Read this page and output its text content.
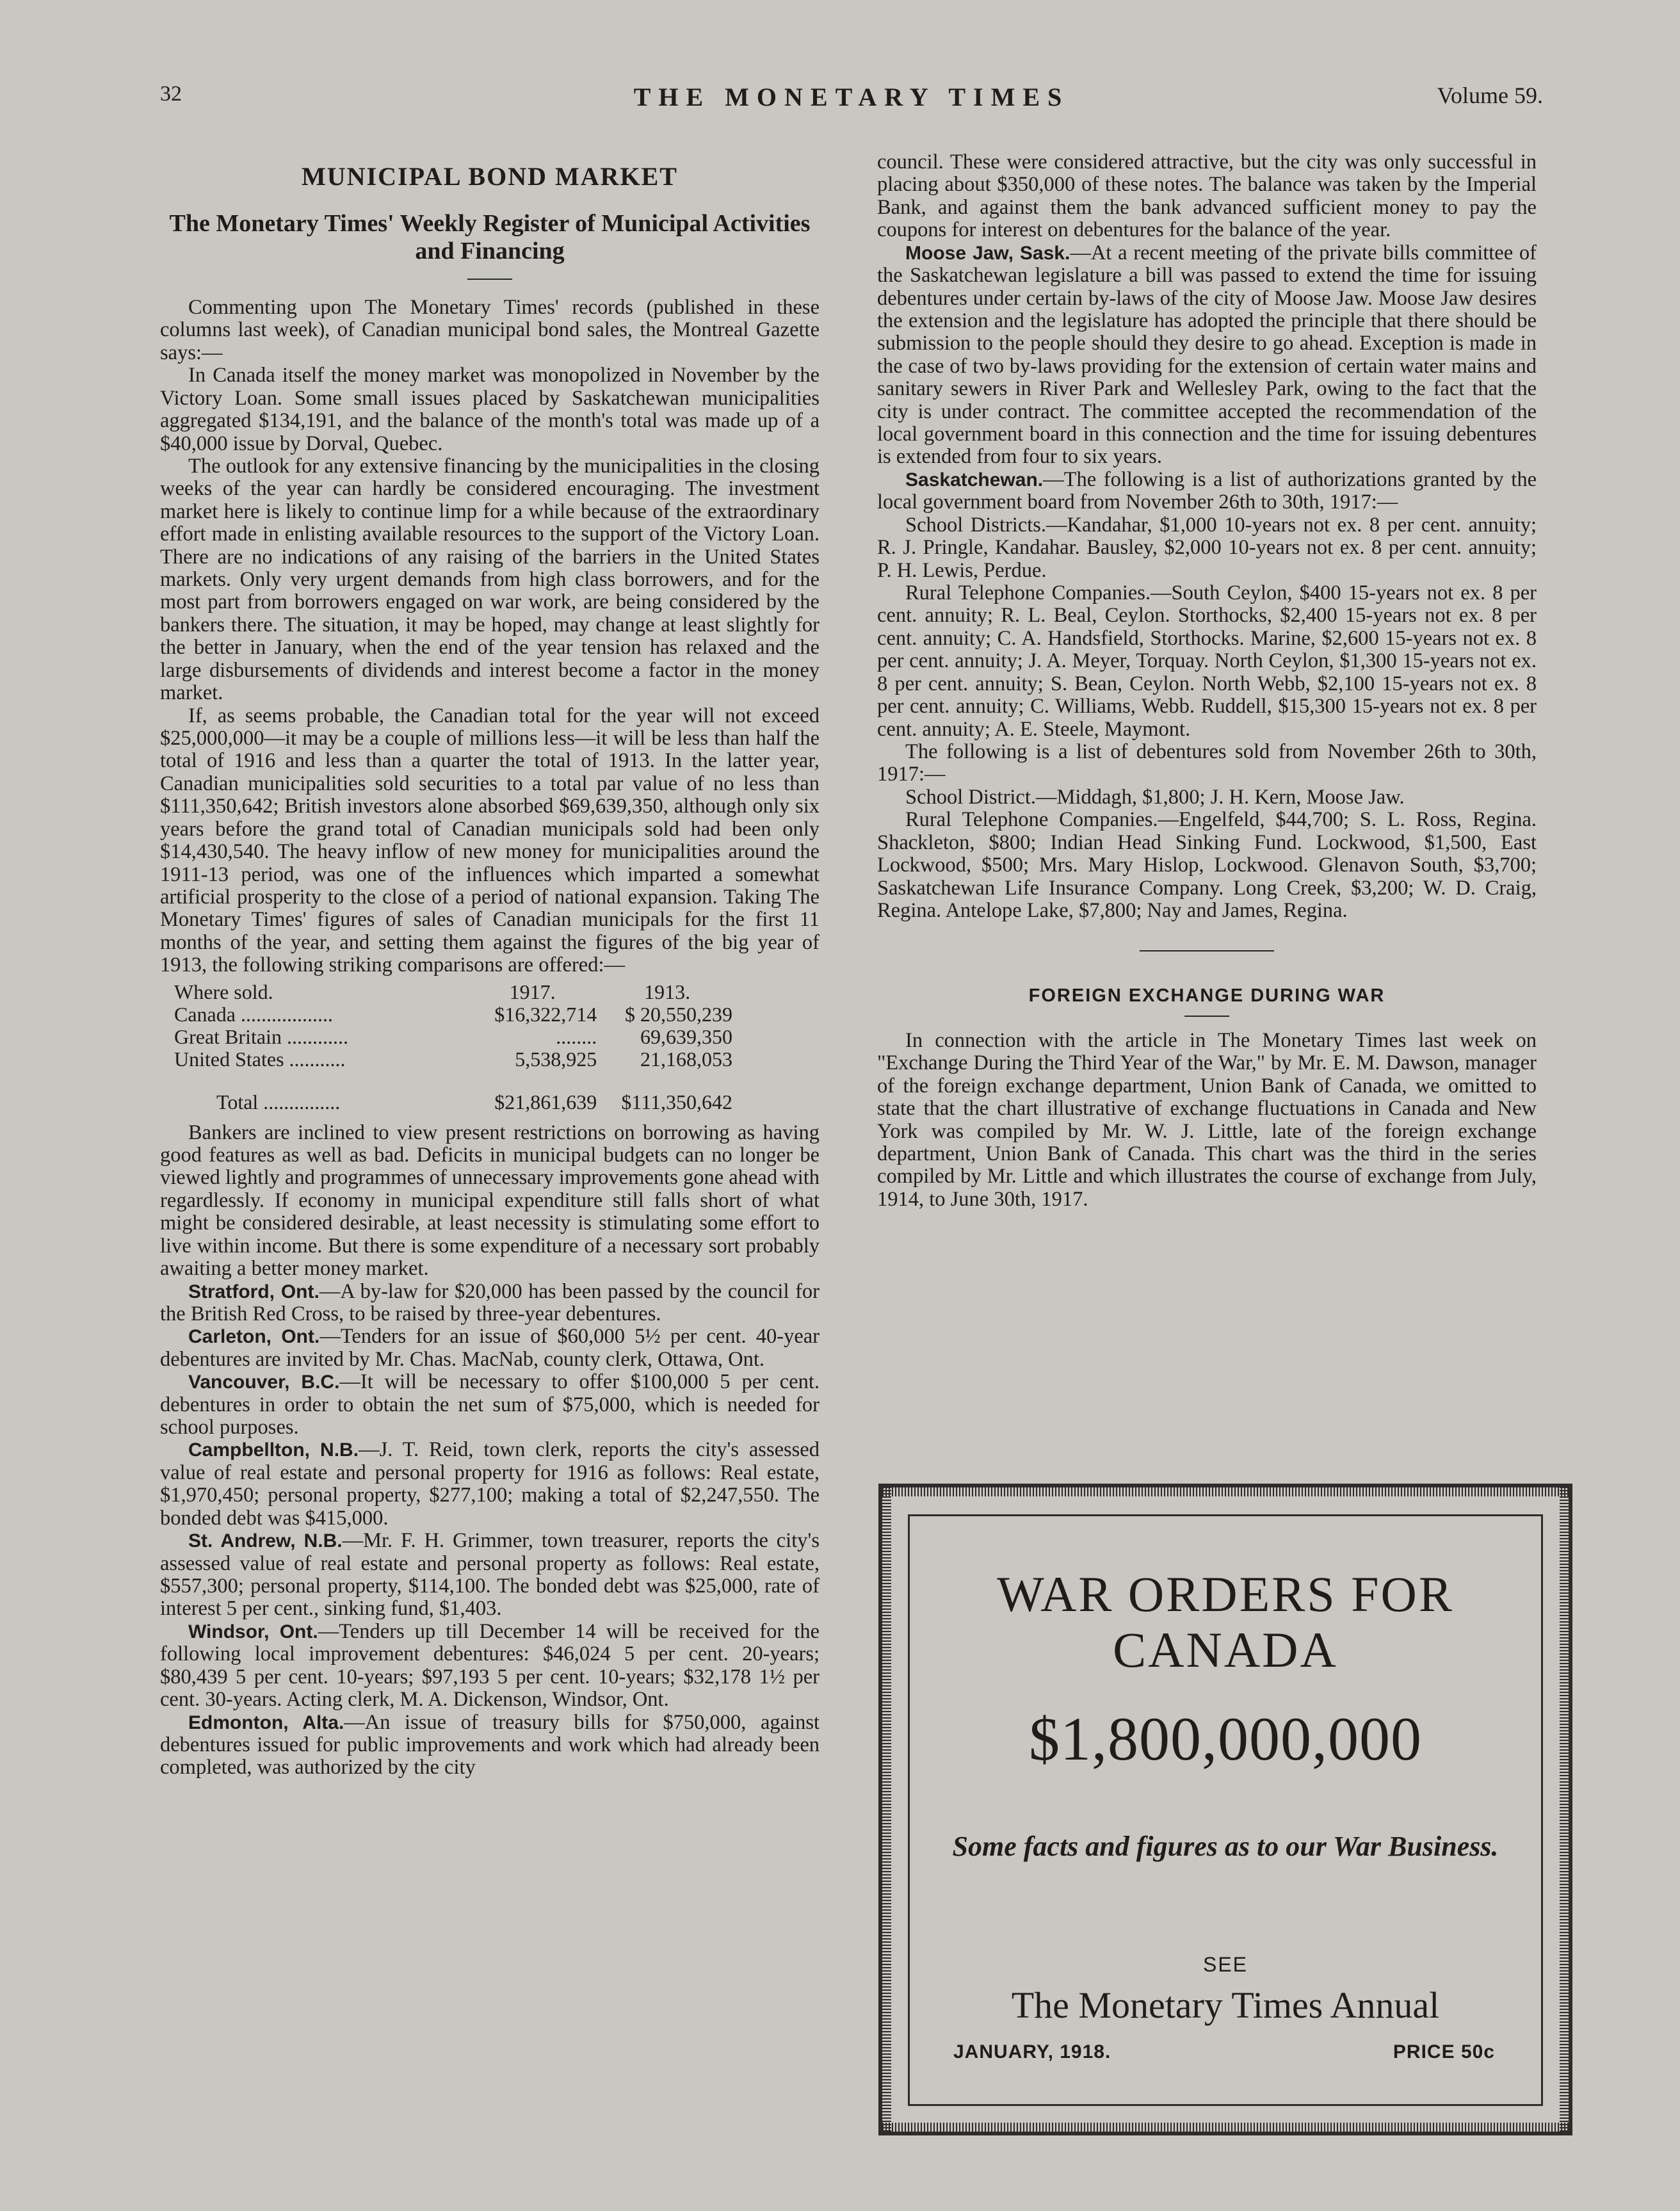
32	THE MONETARY TIMES	Volume 59.
MUNICIPAL BOND MARKET
The Monetary Times' Weekly Register of Municipal Activities and Financing

Commenting upon The Monetary Times' records (published in these columns last week), of Canadian municipal bond sales, the Montreal Gazette says:—

In Canada itself the money market was monopolized in November by the Victory Loan. Some small issues placed by Saskatchewan municipalities aggregated $134,191, and the balance of the month's total was made up of a $40,000 issue by Dorval, Quebec.

The outlook for any extensive financing by the municipalities in the closing weeks of the year can hardly be considered encouraging. The investment market here is likely to continue limp for a while because of the extraordinary effort made in enlisting available resources to the support of the Victory Loan. There are no indications of any raising of the barriers in the United States markets. Only very urgent demands from high class borrowers, and for the most part from borrowers engaged on war work, are being considered by the bankers there. The situation, it may be hoped, may change at least slightly for the better in January, when the end of the year tension has relaxed and the large disbursements of dividends and interest become a factor in the money market.

If, as seems probable, the Canadian total for the year will not exceed $25,000,000—it may be a couple of millions less—it will be less than half the total of 1916 and less than a quarter the total of 1913. In the latter year, Canadian municipalities sold securities to a total par value of no less than $111,350,642; British investors alone absorbed $69,639,350, although only six years before the grand total of Canadian municipals sold had been only $14,430,540. The heavy inflow of new money for municipalities around the 1911-13 period, was one of the influences which imparted a somewhat artificial prosperity to the close of a period of national expansion. Taking The Monetary Times' figures of sales of Canadian municipals for the first 11 months of the year, and setting them against the figures of the big year of 1913, the following striking comparisons are offered:—

Where sold.	1917.	1913.
Canada ..................	$16,322,714	$ 20,550,239
Great Britain ............	........	69,639,350
United States ...........	5,538,925	21,168,053
Total ...............	$21,861,639	$111,350,642

Bankers are inclined to view present restrictions on borrowing as having good features as well as bad. Deficits in municipal budgets can no longer be viewed lightly and programmes of unnecessary improvements gone ahead with regardlessly. If economy in municipal expenditure still falls short of what might be considered desirable, at least necessity is stimulating some effort to live within income. But there is some expenditure of a necessary sort probably awaiting a better money market.

Stratford, Ont.—A by-law for $20,000 has been passed by the council for the British Red Cross, to be raised by three-year debentures.

Carleton, Ont.—Tenders for an issue of $60,000 5½ per cent. 40-year debentures are invited by Mr. Chas. MacNab, county clerk, Ottawa, Ont.

Vancouver, B.C.—It will be necessary to offer $100,000 5 per cent. debentures in order to obtain the net sum of $75,000, which is needed for school purposes.

Campbellton, N.B.—J. T. Reid, town clerk, reports the city's assessed value of real estate and personal property for 1916 as follows: Real estate, $1,970,450; personal property, $277,100; making a total of $2,247,550. The bonded debt was $415,000.

St. Andrew, N.B.—Mr. F. H. Grimmer, town treasurer, reports the city's assessed value of real estate and personal property as follows: Real estate, $557,300; personal property, $114,100. The bonded debt was $25,000, rate of interest 5 per cent., sinking fund, $1,403.

Windsor, Ont.—Tenders up till December 14 will be received for the following local improvement debentures: $46,024 5 per cent. 20-years; $80,439 5 per cent. 10-years; $97,193 5 per cent. 10-years; $32,178 1½ per cent. 30-years. Acting clerk, M. A. Dickenson, Windsor, Ont.

Edmonton, Alta.—An issue of treasury bills for $750,000, against debentures issued for public improvements and work which had already been completed, was authorized by the city

council. These were considered attractive, but the city was only successful in placing about $350,000 of these notes. The balance was taken by the Imperial Bank, and against them the bank advanced sufficient money to pay the coupons for interest on debentures for the balance of the year.

Moose Jaw, Sask.—At a recent meeting of the private bills committee of the Saskatchewan legislature a bill was passed to extend the time for issuing debentures under certain by-laws of the city of Moose Jaw. Moose Jaw desires the extension and the legislature has adopted the principle that there should be submission to the people should they desire to go ahead. Exception is made in the case of two by-laws providing for the extension of certain water mains and sanitary sewers in River Park and Wellesley Park, owing to the fact that the city is under contract. The committee accepted the recommendation of the local government board in this connection and the time for issuing debentures is extended from four to six years.

Saskatchewan.—The following is a list of authorizations granted by the local government board from November 26th to 30th, 1917:—

School Districts.—Kandahar, $1,000 10-years not ex. 8 per cent. annuity; R. J. Pringle, Kandahar. Bausley, $2,000 10-years not ex. 8 per cent. annuity; P. H. Lewis, Perdue.

Rural Telephone Companies.—South Ceylon, $400 15-years not ex. 8 per cent. annuity; R. L. Beal, Ceylon. Storthocks, $2,400 15-years not ex. 8 per cent. annuity; C. A. Handsfield, Storthocks. Marine, $2,600 15-years not ex. 8 per cent. annuity; J. A. Meyer, Torquay. North Ceylon, $1,300 15-years not ex. 8 per cent. annuity; S. Bean, Ceylon. North Webb, $2,100 15-years not ex. 8 per cent. annuity; C. Williams, Webb. Ruddell, $15,300 15-years not ex. 8 per cent. annuity; A. E. Steele, Maymont.

The following is a list of debentures sold from November 26th to 30th, 1917:—

School District.—Middagh, $1,800; J. H. Kern, Moose Jaw.

Rural Telephone Companies.—Engelfeld, $44,700; S. L. Ross, Regina. Shackleton, $800; Indian Head Sinking Fund. Lockwood, $1,500, East Lockwood, $500; Mrs. Mary Hislop, Lockwood. Glenavon South, $3,700; Saskatchewan Life Insurance Company. Long Creek, $3,200; W. D. Craig, Regina. Antelope Lake, $7,800; Nay and James, Regina.

FOREIGN EXCHANGE DURING WAR

In connection with the article in The Monetary Times last week on "Exchange During the Third Year of the War," by Mr. E. M. Dawson, manager of the foreign exchange department, Union Bank of Canada, we omitted to state that the chart illustrative of exchange fluctuations in Canada and New York was compiled by Mr. W. J. Little, late of the foreign exchange department, Union Bank of Canada. This chart was the third in the series compiled by Mr. Little and which illustrates the course of exchange from July, 1914, to June 30th, 1917.

WAR ORDERS FOR CANADA
$1,800,000,000
Some facts and figures as to our War Business.
SEE
The Monetary Times Annual
JANUARY, 1918.	PRICE 50c
